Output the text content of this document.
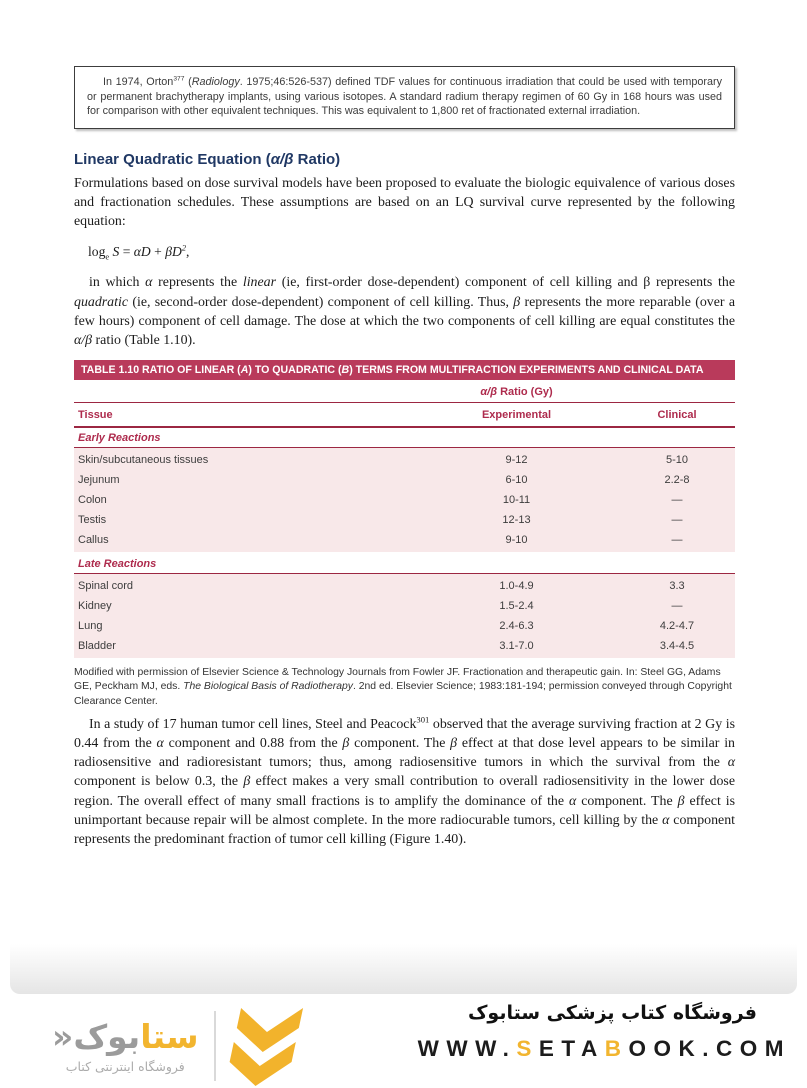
In 1974, Orton$^{377}$ (Radiology. 1975;46:526-537) defined TDF values for continuous irradiation that could be used with temporary or permanent brachytherapy implants, using various isotopes. A standard radium therapy regimen of 60 Gy in 168 hours was used for comparison with other equivalent techniques. This was equivalent to 1,800 ret of fractionated external irradiation.
Linear Quadratic Equation (α/β Ratio)
Formulations based on dose survival models have been proposed to evaluate the biologic equivalence of various doses and fractionation schedules. These assumptions are based on an LQ survival curve represented by the following equation:
$\log_e S = \alpha D + \beta D^2$,
in which α represents the linear (ie, first-order dose-dependent) component of cell killing and β represents the quadratic (ie, second-order dose-dependent) component of cell killing. Thus, β represents the more reparable (over a few hours) component of cell damage. The dose at which the two components of cell killing are equal constitutes the α/β ratio (Table 1.10).
TABLE 1.10 RATIO OF LINEAR (A) TO QUADRATIC (B) TERMS FROM MULTIFRACTION EXPERIMENTS AND CLINICAL DATA
α/β Ratio (Gy)
Tissue	Experimental	Clinical
Early Reactions
Skin/subcutaneous tissues	9-12	5-10
Jejunum	6-10	2.2-8
Colon	10-11	—
Testis	12-13	—
Callus	9-10	—
Late Reactions
Spinal cord	1.0-4.9	3.3
Kidney	1.5-2.4	—
Lung	2.4-6.3	4.2-4.7
Bladder	3.1-7.0	3.4-4.5
Modified with permission of Elsevier Science & Technology Journals from Fowler JF. Fractionation and therapeutic gain. In: Steel GG, Adams GE, Peckham MJ, eds. The Biological Basis of Radiotherapy. 2nd ed. Elsevier Science; 1983:181-194; permission conveyed through Copyright Clearance Center.
In a study of 17 human tumor cell lines, Steel and Peacock$^{301}$ observed that the average surviving fraction at 2 Gy is 0.44 from the α component and 0.88 from the β component. The β effect at that dose level appears to be similar in radiosensitive and radioresistant tumors; thus, among radiosensitive tumors in which the survival from the α component is below 0.3, the β effect makes a very small contribution to overall radiosensitivity in the lower dose region. The overall effect of many small fractions is to amplify the dominance of the α component. The β effect is unimportant because repair will be almost complete. In the more radiocurable tumors, cell killing by the α component represents the predominant fraction of tumor cell killing (Figure 1.40).
ستابوک«
فروشگاه اینترنتی کتاب
فروشگاه کتاب پزشکی ستابوک
WWW.SETABOOK.COM
